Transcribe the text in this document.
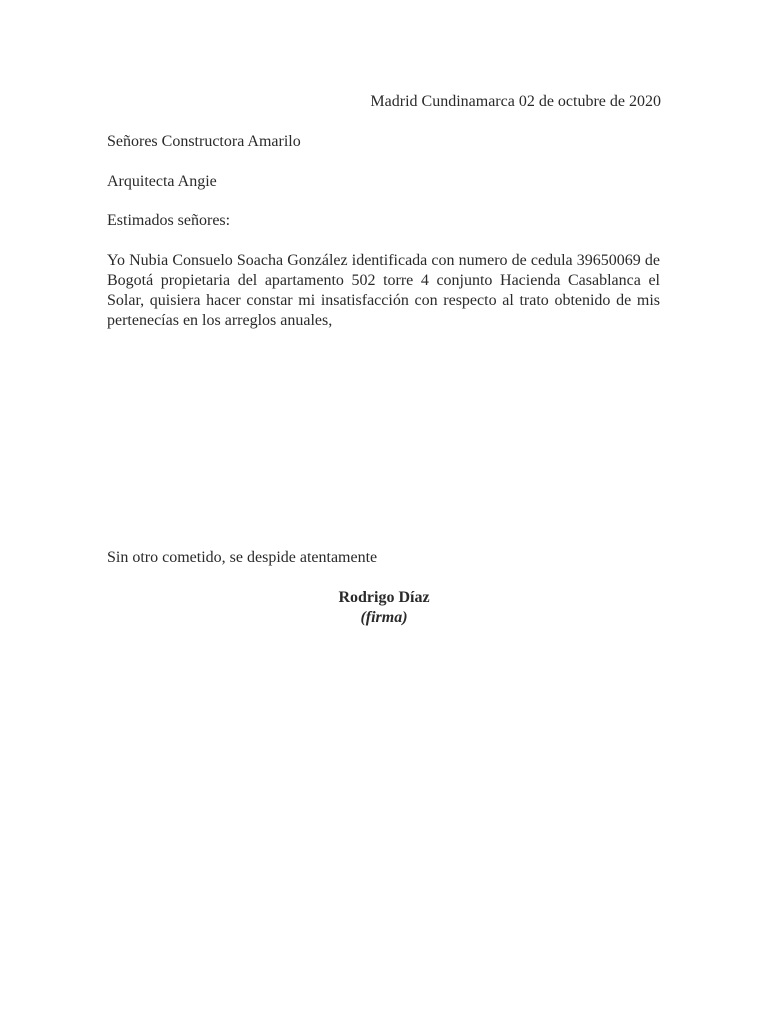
Madrid Cundinamarca 02 de octubre de 2020
Señores Constructora Amarilo
Arquitecta Angie
Estimados señores:

Yo Nubia Consuelo Soacha González identificada con numero de cedula 39650069 de Bogotá propietaria del apartamento 502 torre 4 conjunto Hacienda Casablanca el Solar, quisiera hacer constar mi insatisfacción con respecto al trato obtenido de mis pertenecías en los arreglos anuales,

Sin otro cometido, se despide atentamente
Rodrigo Díaz
(firma)
